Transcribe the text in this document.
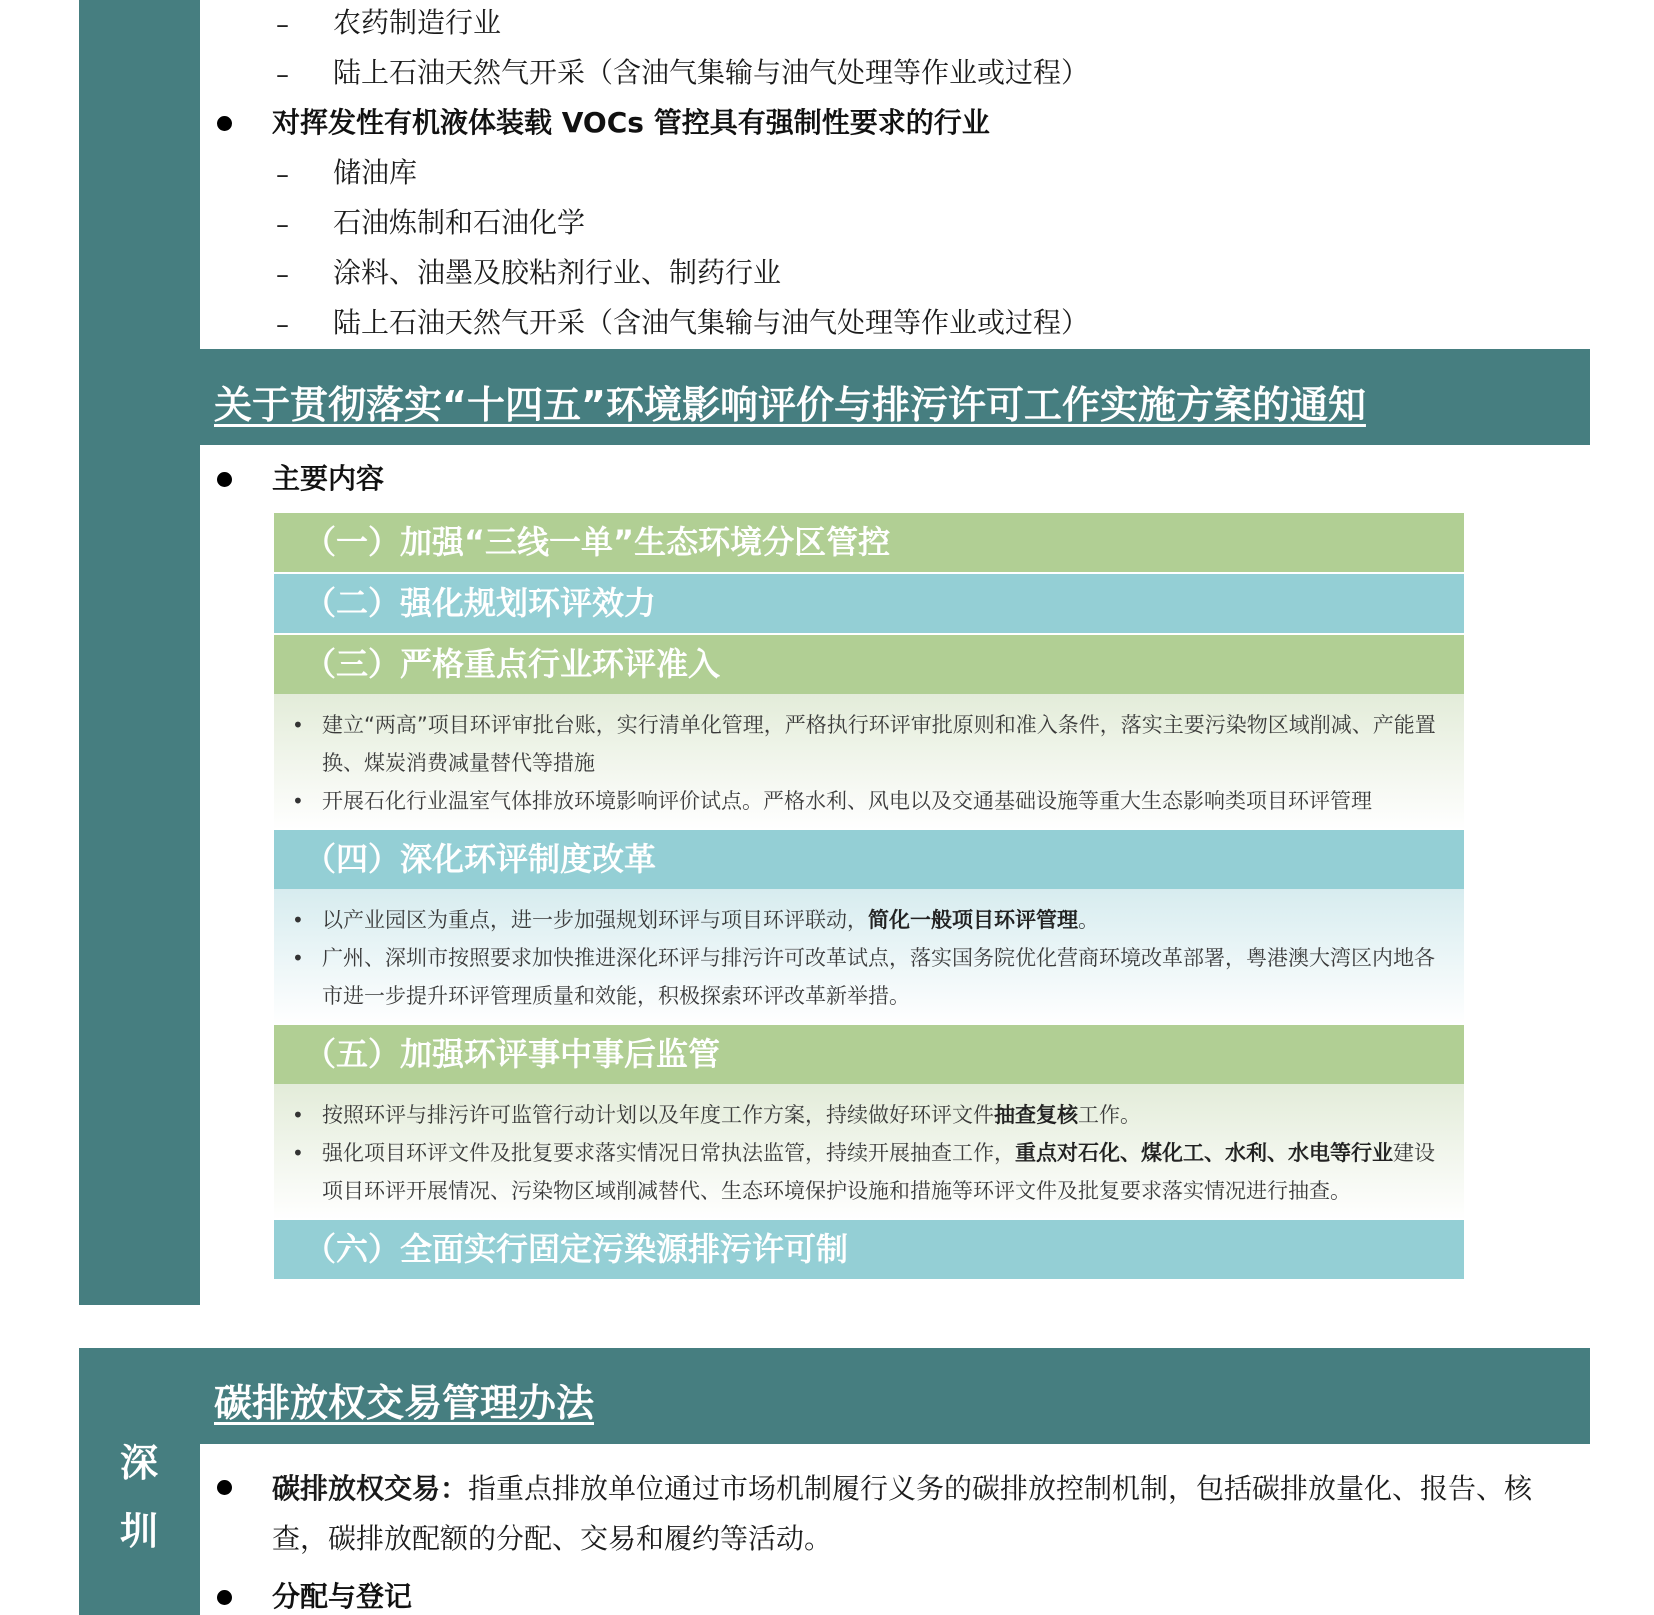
– 农药制造行业
– 陆上石油天然气开采（含油气集输与油气处理等作业或过程）
对挥发性有机液体装载 VOCs 管控具有强制性要求的行业
– 储油库
– 石油炼制和石油化学
– 涂料、油墨及胶粘剂行业、制药行业
– 陆上石油天然气开采（含油气集输与油气处理等作业或过程）
关于贯彻落实“十四五”环境影响评价与排污许可工作实施方案的通知
主要内容
（一）加强“三线一单”生态环境分区管控
（二）强化规划环评效力
（三）严格重点行业环评准入
• 建立“两高”项目环评审批台账，实行清单化管理，严格执行环评审批原则和准入条件，落实主要污染物区域削减、产能置换、煤炭消费减量替代等措施
• 开展石化行业温室气体排放环境影响评价试点。严格水利、风电以及交通基础设施等重大生态影响类项目环评管理
（四）深化环评制度改革
• 以产业园区为重点，进一步加强规划环评与项目环评联动，简化一般项目环评管理。
• 广州、深圳市按照要求加快推进深化环评与排污许可改革试点，落实国务院优化营商环境改革部署，粤港澳大湾区内地各市进一步提升环评管理质量和效能，积极探索环评改革新举措。
（五）加强环评事中事后监管
• 按照环评与排污许可监管行动计划以及年度工作方案，持续做好环评文件抽查复核工作。
• 强化项目环评文件及批复要求落实情况日常执法监管，持续开展抽查工作，重点对石化、煤化工、水利、水电等行业建设项目环评开展情况、污染物区域削减替代、生态环境保护设施和措施等环评文件及批复要求落实情况进行抽查。
（六）全面实行固定污染源排污许可制
深
圳
碳排放权交易管理办法
碳排放权交易：指重点排放单位通过市场机制履行义务的碳排放控制机制，包括碳排放量化、报告、核查，碳排放配额的分配、交易和履约等活动。
分配与登记
